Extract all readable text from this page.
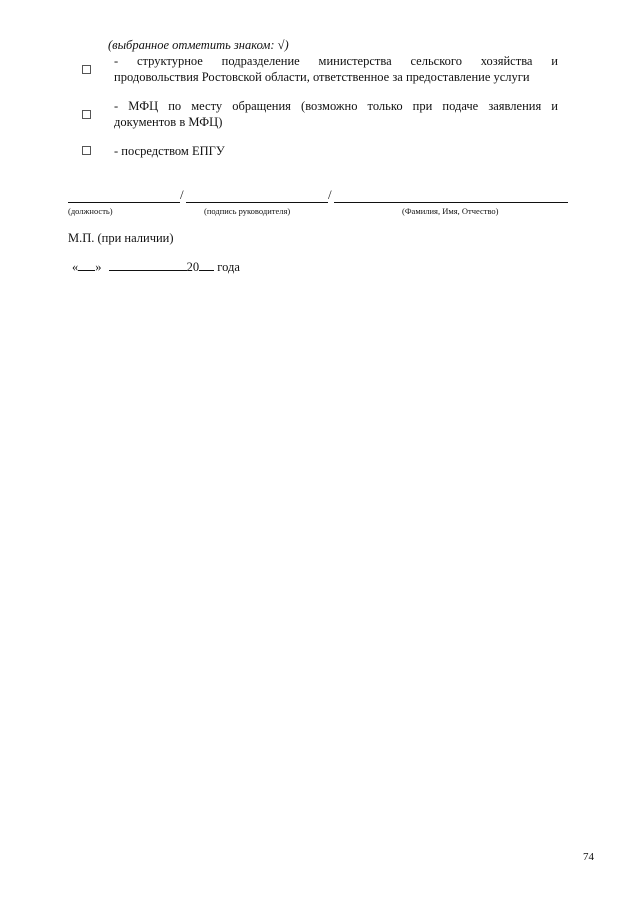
(выбранное отметить знаком: √)
- структурное подразделение министерства сельского хозяйства и
продовольствия Ростовской области, ответственное за предоставление услуги
- МФЦ по месту обращения (возможно только при подаче заявления и
документов в МФЦ)
- посредством ЕПГУ
/	/
(должность)	(подпись руководителя)	(Фамилия, Имя, Отчество)
М.П. (при наличии)
« »	20 года
74
